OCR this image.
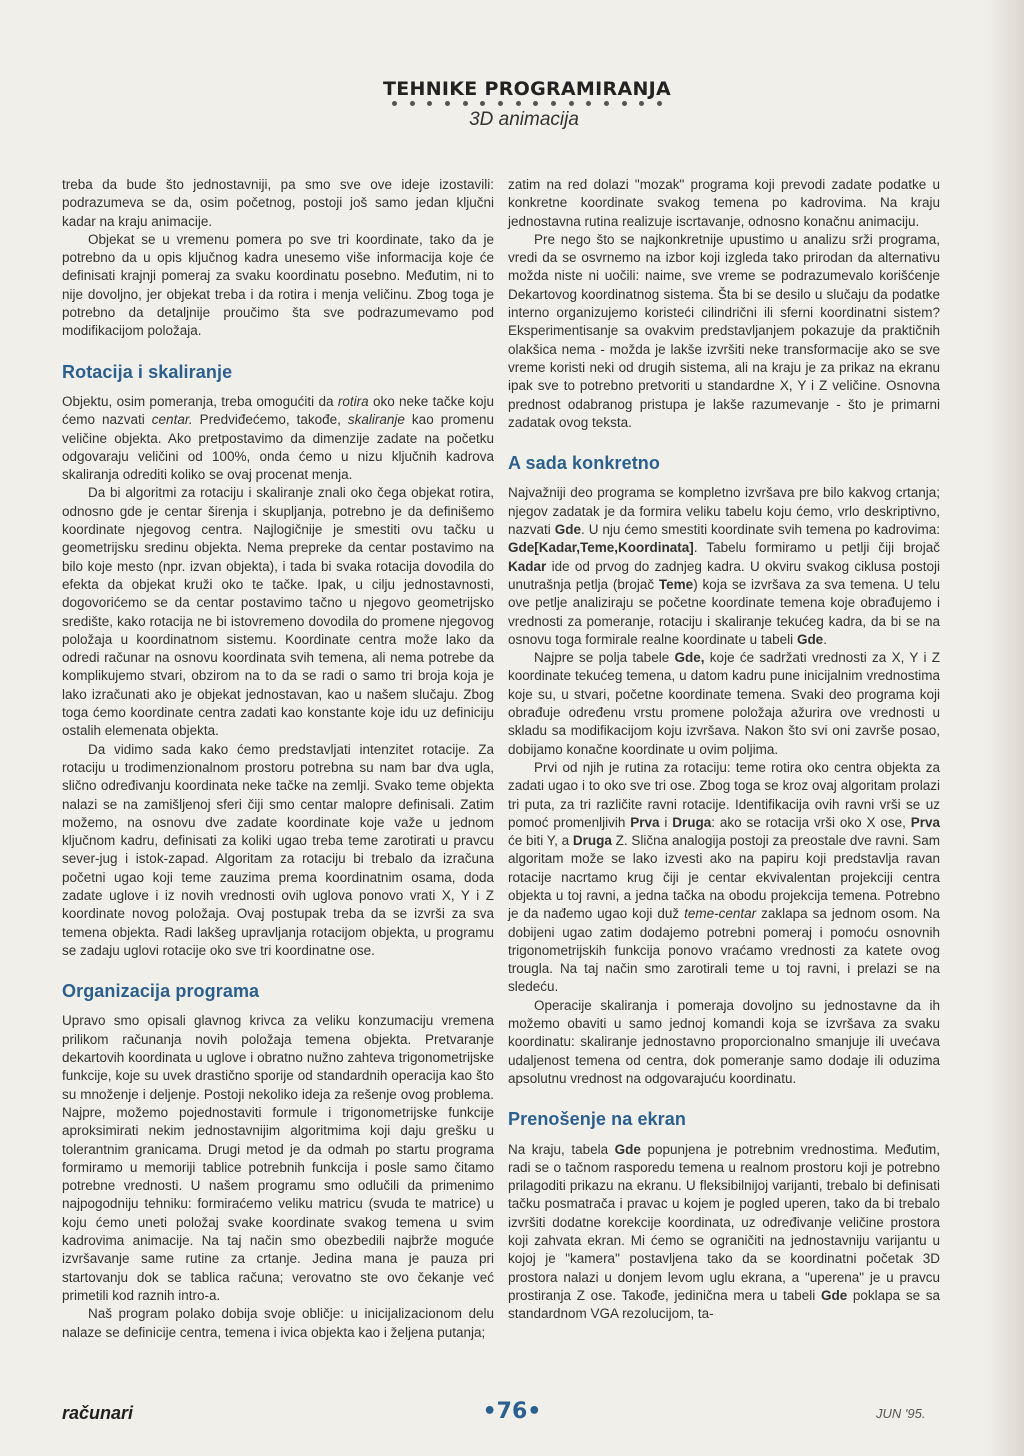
TEHNIKE PROGRAMIRANJA
3D animacija

treba da bude što jednostavniji, pa smo sve ove ideje izostavili: podrazumeva se da, osim početnog, postoji još samo jedan ključni kadar na kraju animacije.

Objekat se u vremenu pomera po sve tri koordinate, tako da je potrebno da u opis ključnog kadra unesemo više informacija koje će definisati krajnji pomeraj za svaku koordinatu posebno. Međutim, ni to nije dovoljno, jer objekat treba i da rotira i menja veličinu. Zbog toga je potrebno da detaljnije proučimo šta sve podrazumevamo pod modifikacijom položaja.

Rotacija i skaliranje

Objektu, osim pomeranja, treba omogućiti da rotira oko neke tačke koju ćemo nazvati centar. Predviđećemo, takođe, skaliranje kao promenu veličine objekta. Ako pretpostavimo da dimenzije zadate na početku odgovaraju veličini od 100%, onda ćemo u nizu ključnih kadrova skaliranja odrediti koliko se ovaj procenat menja.

Da bi algoritmi za rotaciju i skaliranje znali oko čega objekat rotira, odnosno gde je centar širenja i skupljanja, potrebno je da definišemo koordinate njegovog centra. Najlogičnije je smestiti ovu tačku u geometrijsku sredinu objekta. Nema prepreke da centar postavimo na bilo koje mesto (npr. izvan objekta), i tada bi svaka rotacija dovodila do efekta da objekat kruži oko te tačke. Ipak, u cilju jednostavnosti, dogovorićemo se da centar postavimo tačno u njegovo geometrijsko središte, kako rotacija ne bi istovremeno dovodila do promene njegovog položaja u koordinatnom sistemu. Koordinate centra može lako da odredi računar na osnovu koordinata svih temena, ali nema potrebe da komplikujemo stvari, obzirom na to da se radi o samo tri broja koja je lako izračunati ako je objekat jednostavan, kao u našem slučaju. Zbog toga ćemo koordinate centra zadati kao konstante koje idu uz definiciju ostalih elemenata objekta.

Da vidimo sada kako ćemo predstavljati intenzitet rotacije. Za rotaciju u trodimenzionalnom prostoru potrebna su nam bar dva ugla, slično određivanju koordinata neke tačke na zemlji. Svako teme objekta nalazi se na zamišljenoj sferi čiji smo centar malopre definisali. Zatim možemo, na osnovu dve zadate koordinate koje važe u jednom ključnom kadru, definisati za koliki ugao treba teme zarotirati u pravcu sever-jug i istok-zapad. Algoritam za rotaciju bi trebalo da izračuna početni ugao koji teme zauzima prema koordinatnim osama, doda zadate uglove i iz novih vrednosti ovih uglova ponovo vrati X, Y i Z koordinate novog položaja. Ovaj postupak treba da se izvrši za sva temena objekta. Radi lakšeg upravljanja rotacijom objekta, u programu se zadaju uglovi rotacije oko sve tri koordinatne ose.

Organizacija programa

Upravo smo opisali glavnog krivca za veliku konzumaciju vremena prilikom računanja novih položaja temena objekta. Pretvaranje dekartovih koordinata u uglove i obratno nužno zahteva trigonometrijske funkcije, koje su uvek drastično sporije od standardnih operacija kao što su množenje i deljenje. Postoji nekoliko ideja za rešenje ovog problema. Najpre, možemo pojednostaviti formule i trigonometrijske funkcije aproksimirati nekim jednostavnijim algoritmima koji daju grešku u tolerantnim granicama. Drugi metod je da odmah po startu programa formiramo u memoriji tablice potrebnih funkcija i posle samo čitamo potrebne vrednosti. U našem programu smo odlučili da primenimo najpogodniju tehniku: formiraćemo veliku matricu (svuda te matrice) u koju ćemo uneti položaj svake koordinate svakog temena u svim kadrovima animacije. Na taj način smo obezbedili najbrže moguće izvršavanje same rutine za crtanje. Jedina mana je pauza pri startovanju dok se tablica računa; verovatno ste ovo čekanje već primetili kod raznih intro-a.

Naš program polako dobija svoje obličje: u inicijalizacionom delu nalaze se definicije centra, temena i ivica objekta kao i željena putanja;

zatim na red dolazi "mozak" programa koji prevodi zadate podatke u konkretne koordinate svakog temena po kadrovima. Na kraju jednostavna rutina realizuje iscrtavanje, odnosno konačnu animaciju.

Pre nego što se najkonkretnije upustimo u analizu srži programa, vredi da se osvrnemo na izbor koji izgleda tako prirodan da alternativu možda niste ni uočili: naime, sve vreme se podrazumevalo korišćenje Dekartovog koordinatnog sistema. Šta bi se desilo u slučaju da podatke interno organizujemo koristeći cilindrični ili sferni koordinatni sistem? Eksperimentisanje sa ovakvim predstavljanjem pokazuje da praktičnih olakšica nema - možda je lakše izvršiti neke transformacije ako se sve vreme koristi neki od drugih sistema, ali na kraju je za prikaz na ekranu ipak sve to potrebno pretvoriti u standardne X, Y i Z veličine. Osnovna prednost odabranog pristupa je lakše razumevanje - što je primarni zadatak ovog teksta.

A sada konkretno

Najvažniji deo programa se kompletno izvršava pre bilo kakvog crtanja; njegov zadatak je da formira veliku tabelu koju ćemo, vrlo deskriptivno, nazvati Gde. U nju ćemo smestiti koordinate svih temena po kadrovima: Gde[Kadar,Teme,Koordinata]. Tabelu formiramo u petlji čiji brojač Kadar ide od prvog do zadnjeg kadra. U okviru svakog ciklusa postoji unutrašnja petlja (brojač Teme) koja se izvršava za sva temena. U telu ove petlje analiziraju se početne koordinate temena koje obrađujemo i vrednosti za pomeranje, rotaciju i skaliranje tekućeg kadra, da bi se na osnovu toga formirale realne koordinate u tabeli Gde.

Najpre se polja tabele Gde, koje će sadržati vrednosti za X, Y i Z koordinate tekućeg temena, u datom kadru pune inicijalnim vrednostima koje su, u stvari, početne koordinate temena. Svaki deo programa koji obrađuje određenu vrstu promene položaja ažurira ove vrednosti u skladu sa modifikacijom koju izvršava. Nakon što svi oni završe posao, dobijamo konačne koordinate u ovim poljima.

Prvi od njih je rutina za rotaciju: teme rotira oko centra objekta za zadati ugao i to oko sve tri ose. Zbog toga se kroz ovaj algoritam prolazi tri puta, za tri različite ravni rotacije. Identifikacija ovih ravni vrši se uz pomoć promenljivih Prva i Druga: ako se rotacija vrši oko X ose, Prva će biti Y, a Druga Z. Slična analogija postoji za preostale dve ravni. Sam algoritam može se lako izvesti ako na papiru koji predstavlja ravan rotacije nacrtamo krug čiji je centar ekvivalentan projekciji centra objekta u toj ravni, a jedna tačka na obodu projekcija temena. Potrebno je da nađemo ugao koji duž teme-centar zaklapa sa jednom osom. Na dobijeni ugao zatim dodajemo potrebni pomeraj i pomoću osnovnih trigonometrijskih funkcija ponovo vraćamo vrednosti za katete ovog trougla. Na taj način smo zarotirali teme u toj ravni, i prelazi se na sledeću.

Operacije skaliranja i pomeraja dovoljno su jednostavne da ih možemo obaviti u samo jednoj komandi koja se izvršava za svaku koordinatu: skaliranje jednostavno proporcionalno smanjuje ili uvećava udaljenost temena od centra, dok pomeranje samo dodaje ili oduzima apsolutnu vrednost na odgovarajuću koordinatu.

Prenošenje na ekran

Na kraju, tabela Gde popunjena je potrebnim vrednostima. Međutim, radi se o tačnom rasporedu temena u realnom prostoru koji je potrebno prilagoditi prikazu na ekranu. U fleksibilnijoj varijanti, trebalo bi definisati tačku posmatrača i pravac u kojem je pogled uperen, tako da bi trebalo izvršiti dodatne korekcije koordinata, uz određivanje veličine prostora koji zahvata ekran. Mi ćemo se ograničiti na jednostavniju varijantu u kojoj je "kamera" postavljena tako da se koordinatni početak 3D prostora nalazi u donjem levom uglu ekrana, a "uperena" je u pravcu prostiranja Z ose. Takođe, jedinična mera u tabeli Gde poklapa se sa standardnom VGA rezolucijom, ta-

računari	•76•	JUN '95.
